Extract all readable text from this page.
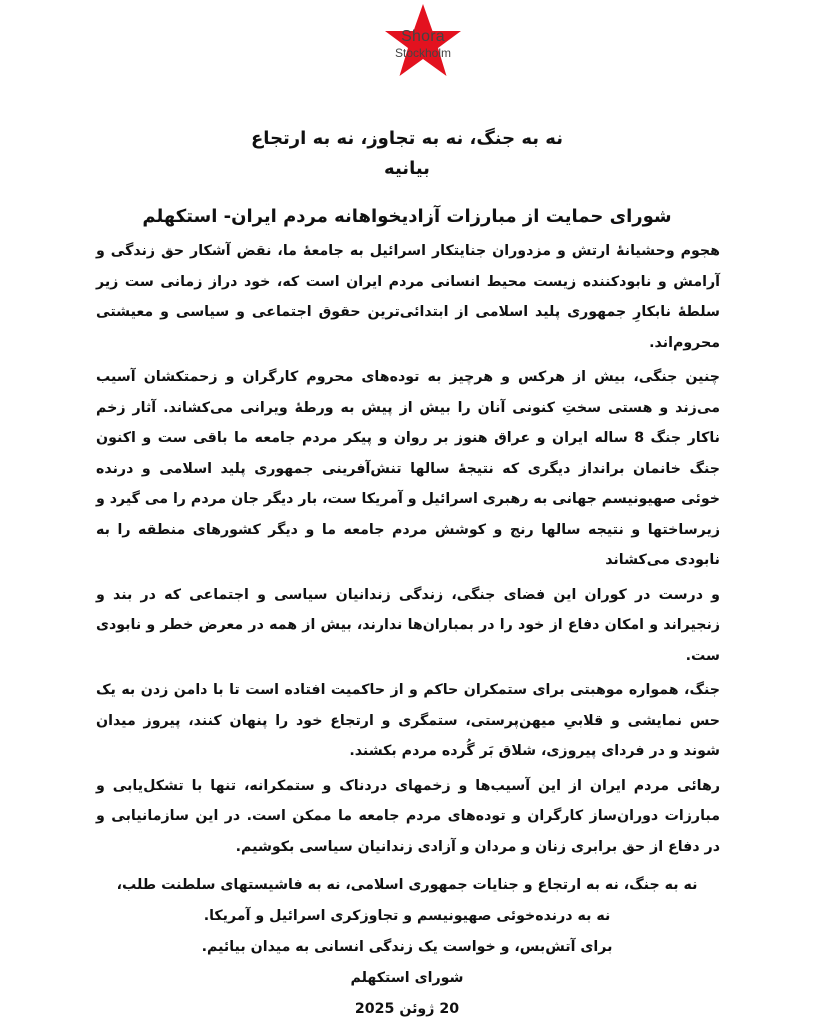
Shora
Stockholm
نه به جنگ، نه به تجاوز، نه به ارتجاع
بیانیه
شورای حمایت از مبارزات آزادیخواهانه مردم ایران- استکهلم

هجوم وحشیانۀ ارتش و مزدوران جنایتکار اسرائیل به جامعۀ ما، نقض آشکار حق زندگی و آرامش و نابودکننده زیست محیط انسانی مردم ایران است که، خود دراز زمانی ست زیر سلطۀ نابکارِ جمهوری پلید اسلامی از ابتدائی‌ترین حقوق اجتماعی و سیاسی و معیشتی محروم‌اند.

چنین جنگی، بیش از هرکس و هرچیز به توده‌های محروم کارگران و زحمتکشان آسیب می‌زند و هستی سختِ کنونی آنان را بیش از پیش به ورطۀ ویرانی می‌کشاند. آثار زخم ناکار جنگ 8 ساله ایران و عراق هنوز بر روان و پیکر مردم جامعه ما باقی ست و اکنون جنگ خانمان برانداز دیگری که نتیجۀ سالها تنش‌آفرینی جمهوری پلید اسلامی و درنده خوئی صهیونیسم جهانی به رهبری اسرائیل و آمریکا ست، بار دیگر جان مردم را می گیرد و زیرساختها و نتیجه سالها رنج و کوشش مردم جامعه ما و دیگر کشورهای منطقه را به نابودی می‌کشاند

و درست در کوران این فضای جنگی، زندگی زندانیان سیاسی و اجتماعی که در بند و زنجیراند و امکان دفاع از خود را در بمباران‌ها ندارند، بیش از همه در معرض خطر و نابودی ست.

جنگ، همواره موهبتی برای ستمکران حاکم و از حاکمیت افتاده است تا با دامن زدن به یک حس نمایشی و قلابیِ میهن‌پرستی، ستمگری و ارتجاع خود را پنهان کنند، پیروز میدان شوند و در فردای پیروزی، شلاق بَر گُرده مردم بکشند.

رهائی مردم ایران از این آسیب‌ها و زخمهای دردناک و ستمکرانه، تنها با تشکل‌یابی و مبارزات دوران‌ساز کارگران و توده‌های مردم جامعه ما ممکن است. در این سازمانیابی و در دفاع از حق برابری زنان و مردان و آزادی زندانیان سیاسی بکوشیم.

نه به جنگ، نه به ارتجاع و جنایات جمهوری اسلامی، نه به فاشیستهای سلطنت طلب،
نه به درنده‌خوئی صهیونیسم و تجاوزکری اسرائیل و آمریکا.
برای آتش‌بس، و خواست یک زندگی انسانی به میدان بیائیم.
شورای استکهلم
20 ژوئن 2025
